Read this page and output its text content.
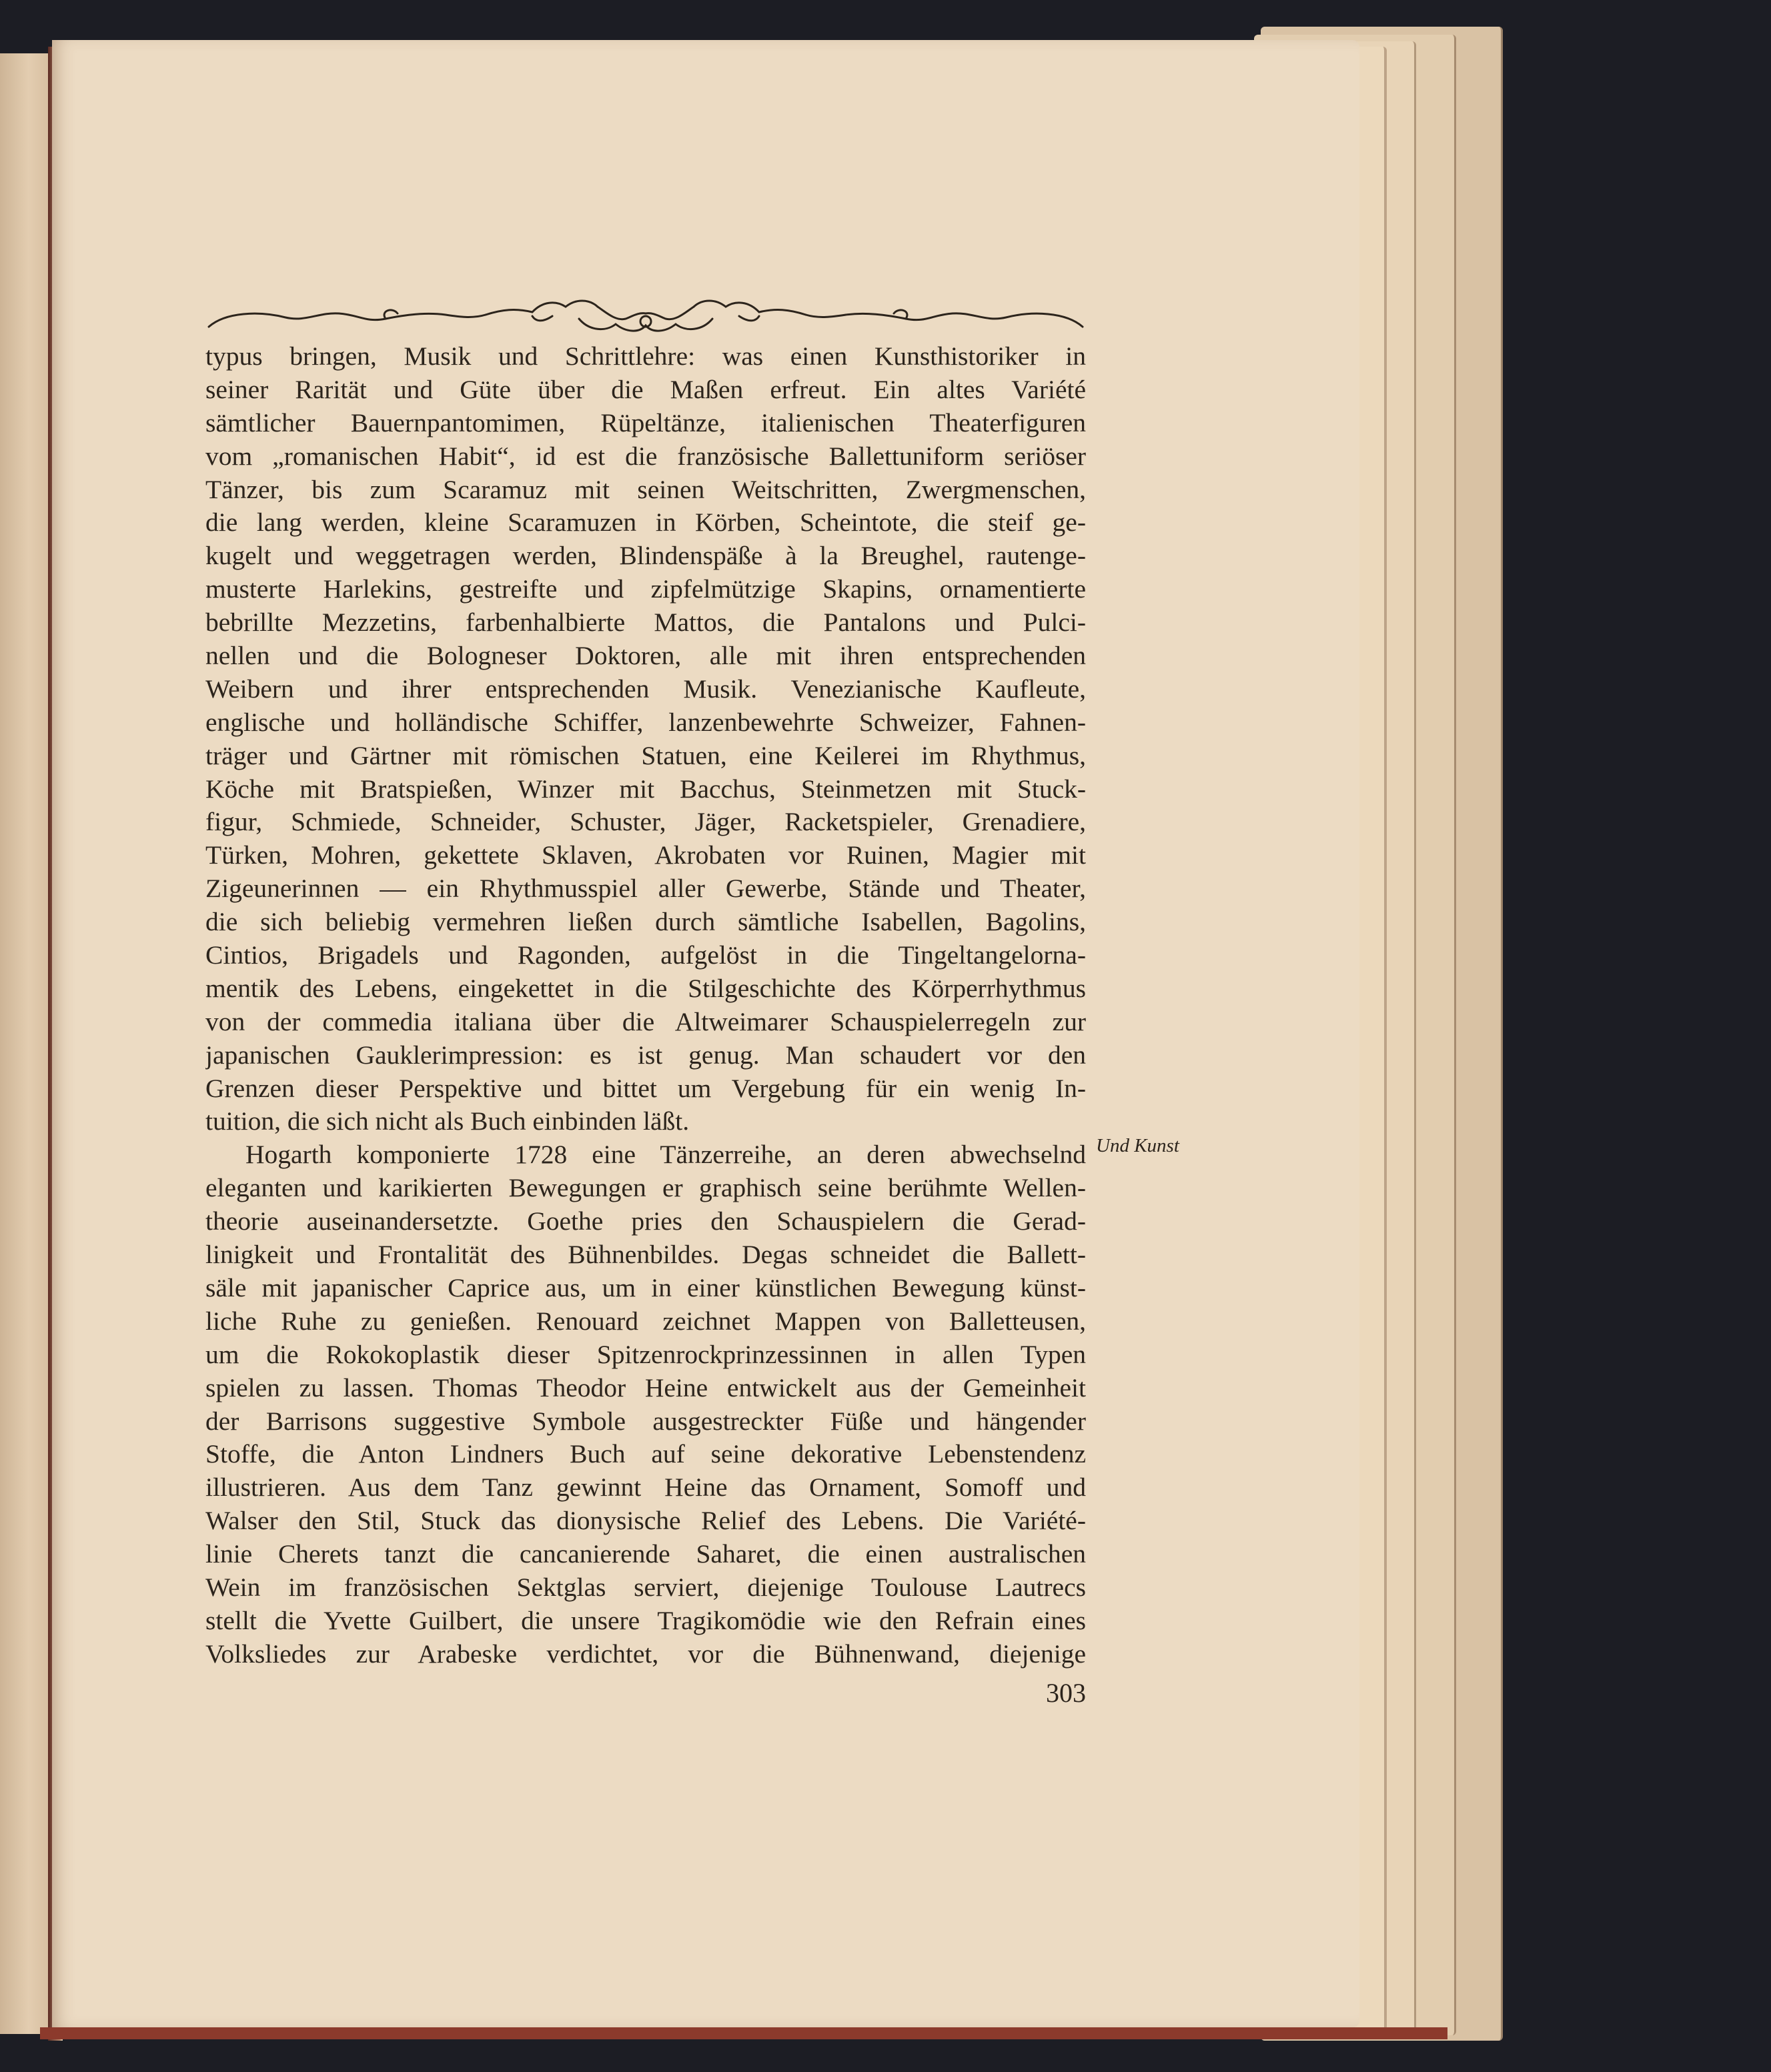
typus bringen, Musik und Schrittlehre: was einen Kunsthistoriker in
seiner Rarität und Güte über die Maßen erfreut. Ein altes Variété
sämtlicher Bauernpantomimen, Rüpeltänze, italienischen Theaterfiguren
vom „romanischen Habit“, id est die französische Ballettuniform seriöser
Tänzer, bis zum Scaramuz mit seinen Weitschritten, Zwergmenschen,
die lang werden, kleine Scaramuzen in Körben, Scheintote, die steif ge-
kugelt und weggetragen werden, Blindenspäße à la Breughel, rautenge-
musterte Harlekins, gestreifte und zipfelmützige Skapins, ornamentierte
bebrillte Mezzetins, farbenhalbierte Mattos, die Pantalons und Pulci-
nellen und die Bologneser Doktoren, alle mit ihren entsprechenden
Weibern und ihrer entsprechenden Musik. Venezianische Kaufleute,
englische und holländische Schiffer, lanzenbewehrte Schweizer, Fahnen-
träger und Gärtner mit römischen Statuen, eine Keilerei im Rhythmus,
Köche mit Bratspießen, Winzer mit Bacchus, Steinmetzen mit Stuck-
figur, Schmiede, Schneider, Schuster, Jäger, Racketspieler, Grenadiere,
Türken, Mohren, gekettete Sklaven, Akrobaten vor Ruinen, Magier mit
Zigeunerinnen — ein Rhythmusspiel aller Gewerbe, Stände und Theater,
die sich beliebig vermehren ließen durch sämtliche Isabellen, Bagolins,
Cintios, Brigadels und Ragonden, aufgelöst in die Tingeltangelorna-
mentik des Lebens, eingekettet in die Stilgeschichte des Körperrhythmus
von der commedia italiana über die Altweimarer Schauspielerregeln zur
japanischen Gauklerimpression: es ist genug. Man schaudert vor den
Grenzen dieser Perspektive und bittet um Vergebung für ein wenig In-
tuition, die sich nicht als Buch einbinden läßt.
Hogarth komponierte 1728 eine Tänzerreihe, an deren abwechselnd
eleganten und karikierten Bewegungen er graphisch seine berühmte Wellen-
theorie auseinandersetzte. Goethe pries den Schauspielern die Gerad-
linigkeit und Frontalität des Bühnenbildes. Degas schneidet die Ballett-
säle mit japanischer Caprice aus, um in einer künstlichen Bewegung künst-
liche Ruhe zu genießen. Renouard zeichnet Mappen von Balletteusen,
um die Rokokoplastik dieser Spitzenrockprinzessinnen in allen Typen
spielen zu lassen. Thomas Theodor Heine entwickelt aus der Gemeinheit
der Barrisons suggestive Symbole ausgestreckter Füße und hängender
Stoffe, die Anton Lindners Buch auf seine dekorative Lebenstendenz
illustrieren. Aus dem Tanz gewinnt Heine das Ornament, Somoff und
Walser den Stil, Stuck das dionysische Relief des Lebens. Die Variété-
linie Cherets tanzt die cancanierende Saharet, die einen australischen
Wein im französischen Sektglas serviert, diejenige Toulouse Lautrecs
stellt die Yvette Guilbert, die unsere Tragikomödie wie den Refrain eines
Volksliedes zur Arabeske verdichtet, vor die Bühnenwand, diejenige
Und Kunst
303
